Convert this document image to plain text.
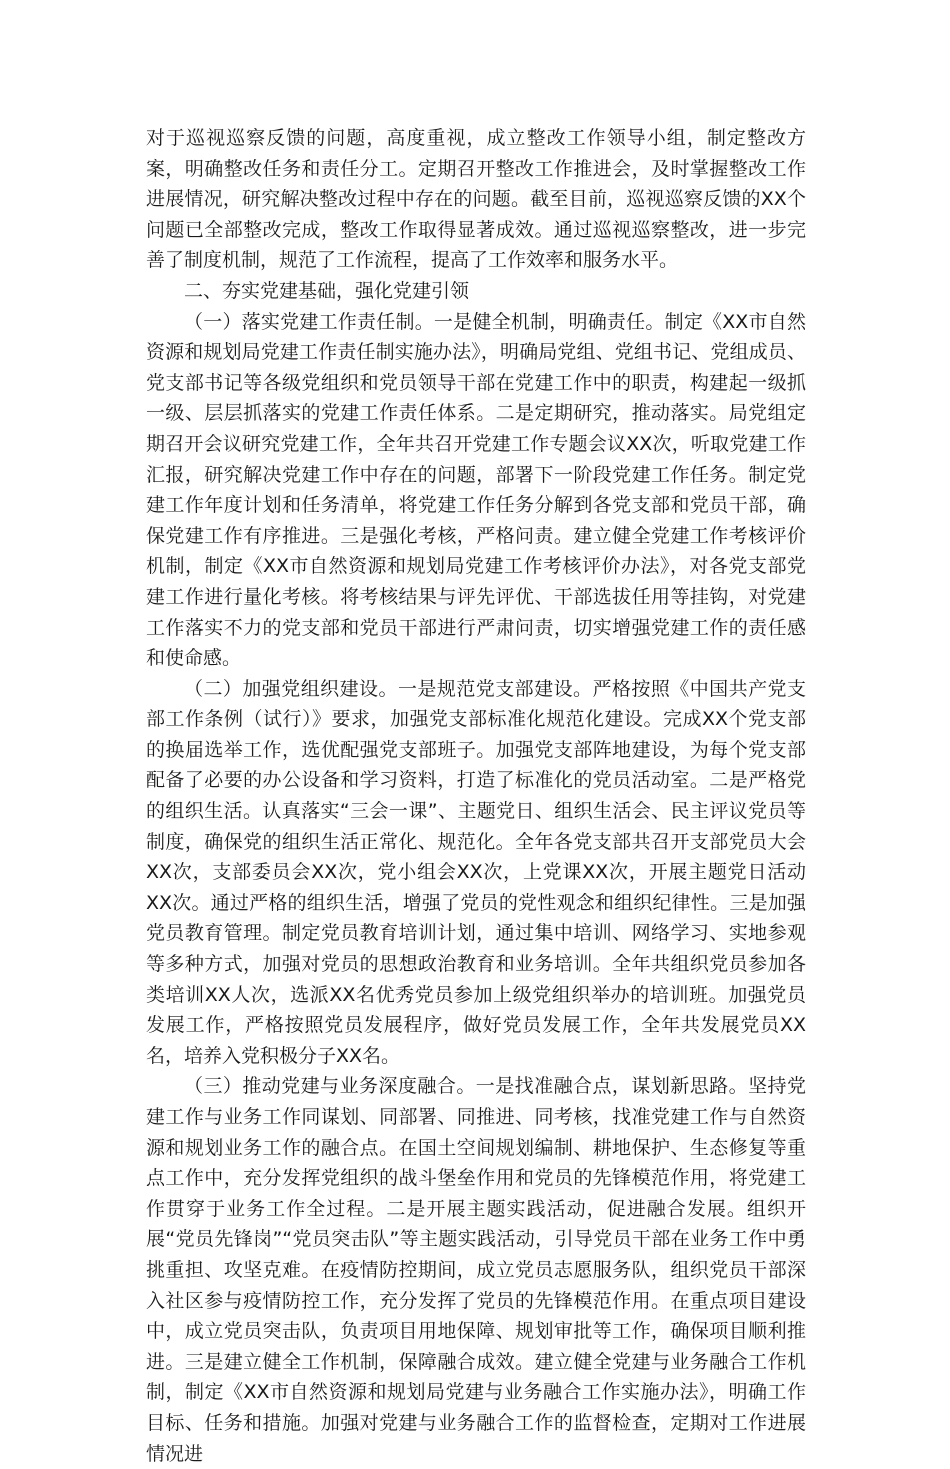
对于巡视巡察反馈的问题，高度重视，成立整改工作领导小组，制定整改方案，明确整改任务和责任分工。定期召开整改工作推进会，及时掌握整改工作进展情况，研究解决整改过程中存在的问题。截至目前，巡视巡察反馈的XX个问题已全部整改完成，整改工作取得显著成效。通过巡视巡察整改，进一步完善了制度机制，规范了工作流程，提高了工作效率和服务水平。

二、夯实党建基础，强化党建引领

（一）落实党建工作责任制。一是健全机制，明确责任。制定《XX市自然资源和规划局党建工作责任制实施办法》，明确局党组、党组书记、党组成员、党支部书记等各级党组织和党员领导干部在党建工作中的职责，构建起一级抓一级、层层抓落实的党建工作责任体系。二是定期研究，推动落实。局党组定期召开会议研究党建工作，全年共召开党建工作专题会议XX次，听取党建工作汇报，研究解决党建工作中存在的问题，部署下一阶段党建工作任务。制定党建工作年度计划和任务清单，将党建工作任务分解到各党支部和党员干部，确保党建工作有序推进。三是强化考核，严格问责。建立健全党建工作考核评价机制，制定《XX市自然资源和规划局党建工作考核评价办法》，对各党支部党建工作进行量化考核。将考核结果与评先评优、干部选拔任用等挂钩，对党建工作落实不力的党支部和党员干部进行严肃问责，切实增强党建工作的责任感和使命感。

（二）加强党组织建设。一是规范党支部建设。严格按照《中国共产党支部工作条例（试行）》要求，加强党支部标准化规范化建设。完成XX个党支部的换届选举工作，选优配强党支部班子。加强党支部阵地建设，为每个党支部配备了必要的办公设备和学习资料，打造了标准化的党员活动室。二是严格党的组织生活。认真落实“三会一课”、主题党日、组织生活会、民主评议党员等制度，确保党的组织生活正常化、规范化。全年各党支部共召开支部党员大会XX次，支部委员会XX次，党小组会XX次，上党课XX次，开展主题党日活动XX次。通过严格的组织生活，增强了党员的党性观念和组织纪律性。三是加强党员教育管理。制定党员教育培训计划，通过集中培训、网络学习、实地参观等多种方式，加强对党员的思想政治教育和业务培训。全年共组织党员参加各类培训XX人次，选派XX名优秀党员参加上级党组织举办的培训班。加强党员发展工作，严格按照党员发展程序，做好党员发展工作，全年共发展党员XX名，培养入党积极分子XX名。

（三）推动党建与业务深度融合。一是找准融合点，谋划新思路。坚持党建工作与业务工作同谋划、同部署、同推进、同考核，找准党建工作与自然资源和规划业务工作的融合点。在国土空间规划编制、耕地保护、生态修复等重点工作中，充分发挥党组织的战斗堡垒作用和党员的先锋模范作用，将党建工作贯穿于业务工作全过程。二是开展主题实践活动，促进融合发展。组织开展“党员先锋岗”“党员突击队”等主题实践活动，引导党员干部在业务工作中勇挑重担、攻坚克难。在疫情防控期间，成立党员志愿服务队，组织党员干部深入社区参与疫情防控工作，充分发挥了党员的先锋模范作用。在重点项目建设中，成立党员突击队，负责项目用地保障、规划审批等工作，确保项目顺利推进。三是建立健全工作机制，保障融合成效。建立健全党建与业务融合工作机制，制定《XX市自然资源和规划局党建与业务融合工作实施办法》，明确工作目标、任务和措施。加强对党建与业务融合工作的监督检查，定期对工作进展情况进
